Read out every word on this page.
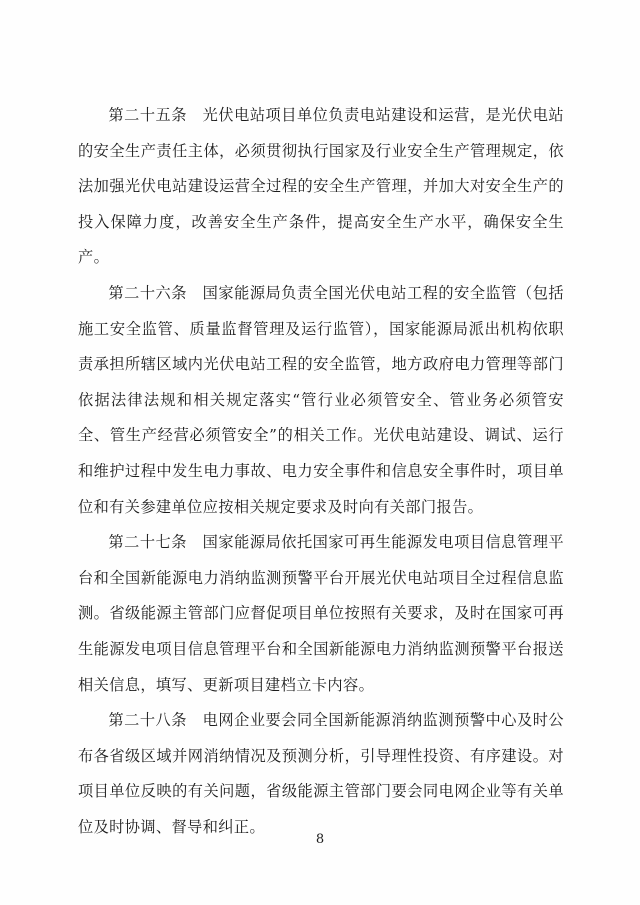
第二十五条　光伏电站项目单位负责电站建设和运营，是光伏电站的安全生产责任主体，必须贯彻执行国家及行业安全生产管理规定，依法加强光伏电站建设运营全过程的安全生产管理，并加大对安全生产的投入保障力度，改善安全生产条件，提高安全生产水平，确保安全生产。

第二十六条　国家能源局负责全国光伏电站工程的安全监管（包括施工安全监管、质量监督管理及运行监管），国家能源局派出机构依职责承担所辖区域内光伏电站工程的安全监管，地方政府电力管理等部门依据法律法规和相关规定落实“管行业必须管安全、管业务必须管安全、管生产经营必须管安全”的相关工作。光伏电站建设、调试、运行和维护过程中发生电力事故、电力安全事件和信息安全事件时，项目单位和有关参建单位应按相关规定要求及时向有关部门报告。

第二十七条　国家能源局依托国家可再生能源发电项目信息管理平台和全国新能源电力消纳监测预警平台开展光伏电站项目全过程信息监测。省级能源主管部门应督促项目单位按照有关要求，及时在国家可再生能源发电项目信息管理平台和全国新能源电力消纳监测预警平台报送相关信息，填写、更新项目建档立卡内容。

第二十八条　电网企业要会同全国新能源消纳监测预警中心及时公布各省级区域并网消纳情况及预测分析，引导理性投资、有序建设。对项目单位反映的有关问题，省级能源主管部门要会同电网企业等有关单位及时协调、督导和纠正。

8
